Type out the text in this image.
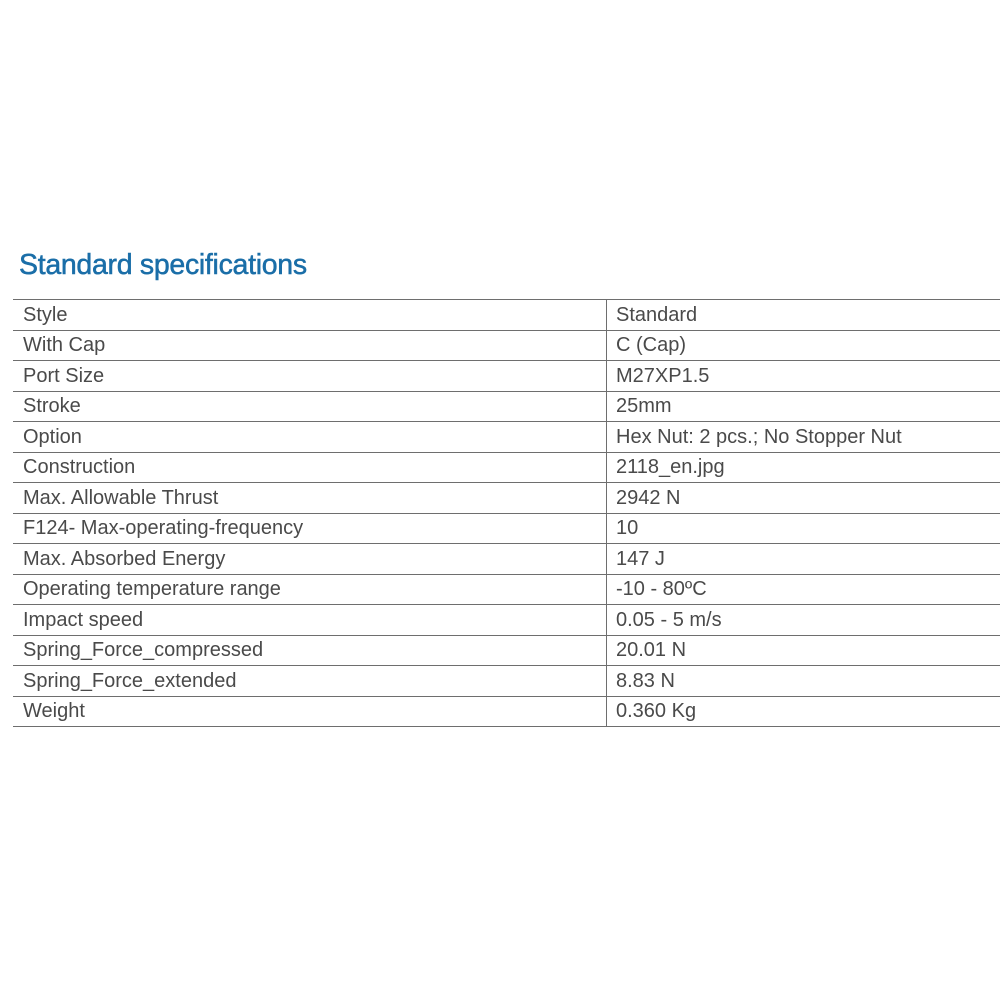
Standard specifications
Style	Standard
With Cap	C (Cap)
Port Size	M27XP1.5
Stroke	25mm
Option	Hex Nut: 2 pcs.; No Stopper Nut
Construction	2118_en.jpg
Max. Allowable Thrust	2942 N
F124- Max-operating-frequency	10
Max. Absorbed Energy	147 J
Operating temperature range	-10 - 80ºC
Impact speed	0.05 - 5 m/s
Spring_Force_compressed	20.01 N
Spring_Force_extended	8.83 N
Weight	0.360 Kg
